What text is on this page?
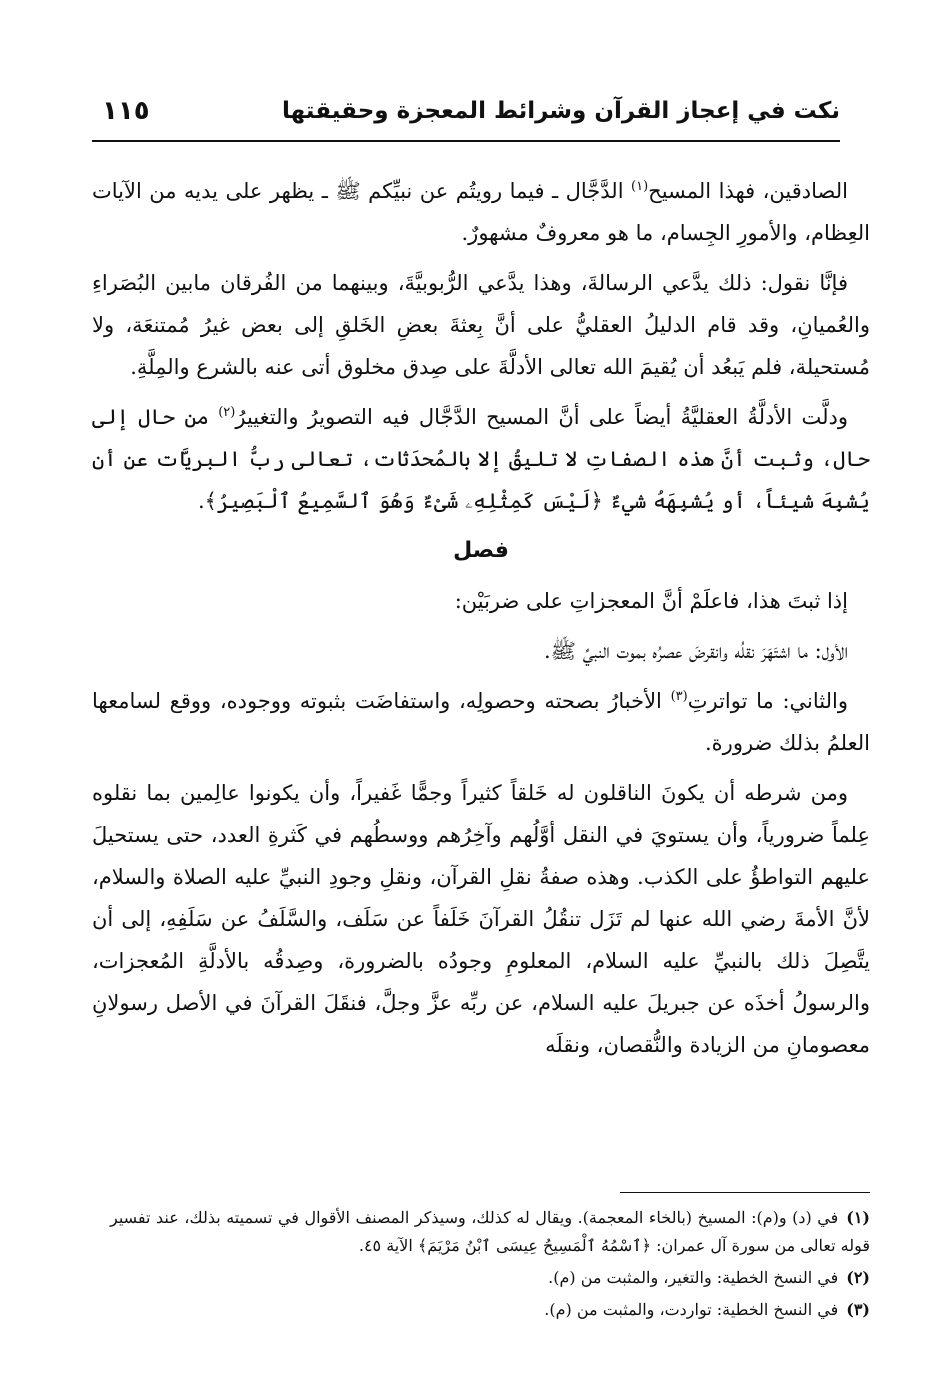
نكت في إعجاز القرآن وشرائط المعجزة وحقيقتها
١١٥

الصادقين، فهذا المسيح$^{(١)}$ الدَّجَّال ـ فيما رويتُم عن نبيِّكم ﷺ ـ يظهر على يديه من الآيات العِظام، والأمورِ الجِسام، ما هو معروفٌ مشهورٌ.

فإنَّا نقول: ذلك يدَّعي الرسالةَ، وهذا يدَّعي الرُّبوبيَّةَ، وبينهما من الفُرقان مابين البُصَراءِ والعُميانِ، وقد قام الدليلُ العقليُّ على أنَّ بِعثةَ بعضِ الخَلقِ إلى بعض غيرُ مُمتنعَة، ولا مُستحيلة، فلم يَبعُد أن يُقيمَ الله تعالى الأدلَّةَ على صِدق مخلوق أتى عنه بالشرع والمِلَّةِ.

ودلَّت الأدلَّةُ العقليَّةُ أيضاً على أنَّ المسيح الدَّجَّال فيه التصويرُ والتغييرُ$^{(٢)}$ من حال إلى حال، وثبت أنَّ هذه الصفاتِ لا تليقُ إلا بالمُحدَثات، تعالى ربُّ البريَّات عن أن يُشبِهَ شيئاً، أو يُشبِهَهُ شيءٌ ﴿لَيْسَ كَمِثْلِهِۦ شَىْءٌ وَهُوَ ٱلسَّمِيعُ ٱلْبَصِيرُ﴾.

فصل

إذا ثبتَ هذا، فاعلَمْ أنَّ المعجزاتِ على ضربَيْن:

الأول: ما اشتَهَرَ نقلُه وانقرضَ عصرُه بموت النبيِّ ﷺ.

والثاني: ما تواترتِ$^{(٣)}$ الأخبارُ بصحته وحصولِه، واستفاضَت بثبوته ووجوده، ووقع لسامعها العلمُ بذلك ضرورة.

ومن شرطه أن يكونَ الناقلون له خَلقاً كثيراً وجمًّا غَفيراً، وأن يكونوا عالِمين بما نقلوه عِلماً ضرورياً، وأن يستويَ في النقل أوَّلُهم وآخِرُهم ووسطُهم في كَثرةِ العدد، حتى يستحيلَ عليهم التواطؤُ على الكذب. وهذه صفةُ نقلِ القرآن، ونقلِ وجودِ النبيِّ عليه الصلاة والسلام، لأنَّ الأمةَ رضي الله عنها لم تَزَل تنقُلُ القرآنَ خَلَفاً عن سَلَف، والسَّلَفُ عن سَلَفِهِ، إلى أن يتَّصِلَ ذلك بالنبيِّ عليه السلام، المعلومِ وجودُه بالضرورة، وصِدقُه بالأدلَّةِ المُعجزات، والرسولُ أخذَه عن جبريلَ عليه السلام، عن ربِّه عزَّ وجلَّ، فنقَلَ القرآنَ في الأصل رسولانِ معصومانِ من الزيادة والنُّقصان، ونقلَه

(١)في (د) و(م): المسيخ (بالخاء المعجمة). ويقال له كذلك، وسيذكر المصنف الأقوال في تسميته بذلك، عند تفسير قوله تعالى من سورة آل عمران: ﴿ٱسْمُهُ ٱلْمَسِيحُ عِيسَى ٱبْنُ مَرْيَمَ﴾ الآية ٤٥.
(٢)في النسخ الخطية: والتغير، والمثبت من (م).
(٣)في النسخ الخطية: تواردت، والمثبت من (م).
